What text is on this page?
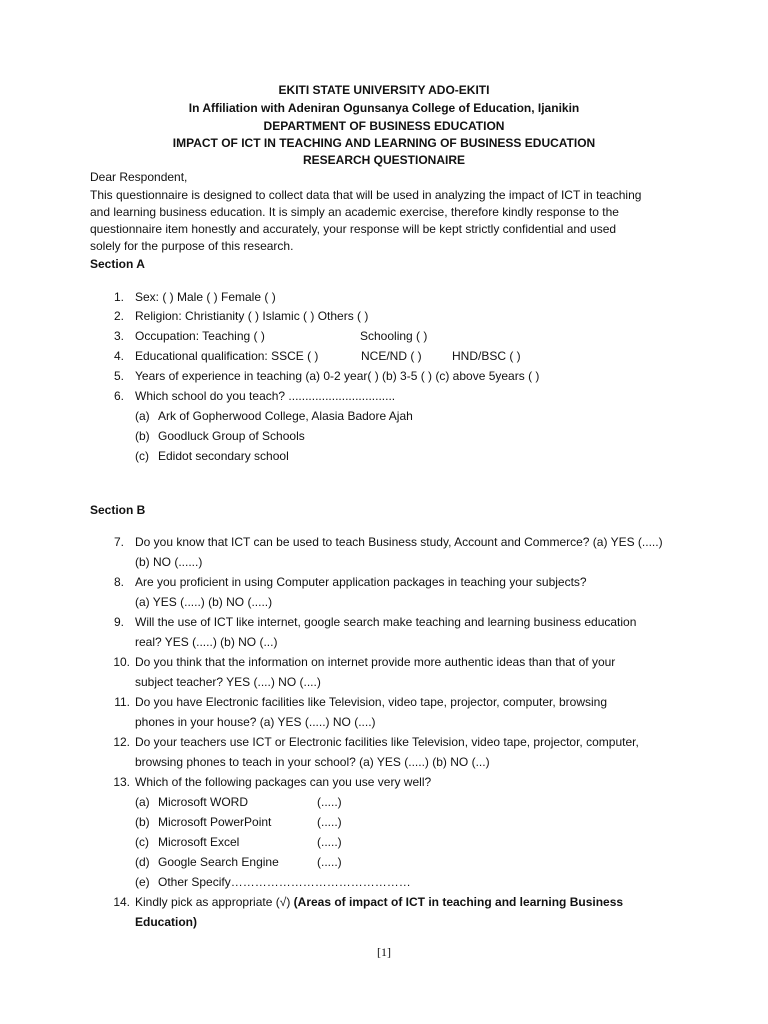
EKITI STATE UNIVERSITY ADO-EKITI
In Affiliation with Adeniran Ogunsanya College of Education, Ijanikin
DEPARTMENT OF BUSINESS EDUCATION
IMPACT OF ICT IN TEACHING AND LEARNING OF BUSINESS EDUCATION
RESEARCH QUESTIONAIRE
Dear Respondent,
This questionnaire is designed to collect data that will be used in analyzing the impact of ICT in teaching
and learning business education. It is simply an academic exercise, therefore kindly response to the
questionnaire item honestly and accurately, your response will be kept strictly confidential and used
solely for the purpose of this research.
Section A
1. Sex: ( ) Male ( ) Female ( )
2. Religion: Christianity ( ) Islamic ( ) Others ( )
3. Occupation: Teaching ( )	Schooling ( )
4. Educational qualification: SSCE ( )	NCE/ND ( )	HND/BSC ( )
5. Years of experience in teaching (a) 0-2 year( ) (b) 3-5 ( ) (c) above 5years ( )
6. Which school do you teach? ................................
(a) Ark of Gopherwood College, Alasia Badore Ajah
(b) Goodluck Group of Schools
(c) Edidot secondary school
Section B
7. Do you know that ICT can be used to teach Business study, Account and Commerce? (a) YES (.....)
(b) NO (......)
8. Are you proficient in using Computer application packages in teaching your subjects?
(a) YES (.....) (b) NO (.....)
9. Will the use of ICT like internet, google search make teaching and learning business education
real? YES (.....) (b) NO (...)
10. Do you think that the information on internet provide more authentic ideas than that of your
subject teacher? YES (....) NO (....)
11. Do you have Electronic facilities like Television, video tape, projector, computer, browsing
phones in your house? (a) YES (.....) NO (....)
12. Do your teachers use ICT or Electronic facilities like Television, video tape, projector, computer,
browsing phones to teach in your school? (a) YES (.....) (b) NO (...)
13. Which of the following packages can you use very well?
(a) Microsoft WORD	(.....)
(b) Microsoft PowerPoint	(.....)
(c) Microsoft Excel	(.....)
(d) Google Search Engine	(.....)
(e) Other Specify………………………………………
14. Kindly pick as appropriate (√) (Areas of impact of ICT in teaching and learning Business
Education)
[1]
